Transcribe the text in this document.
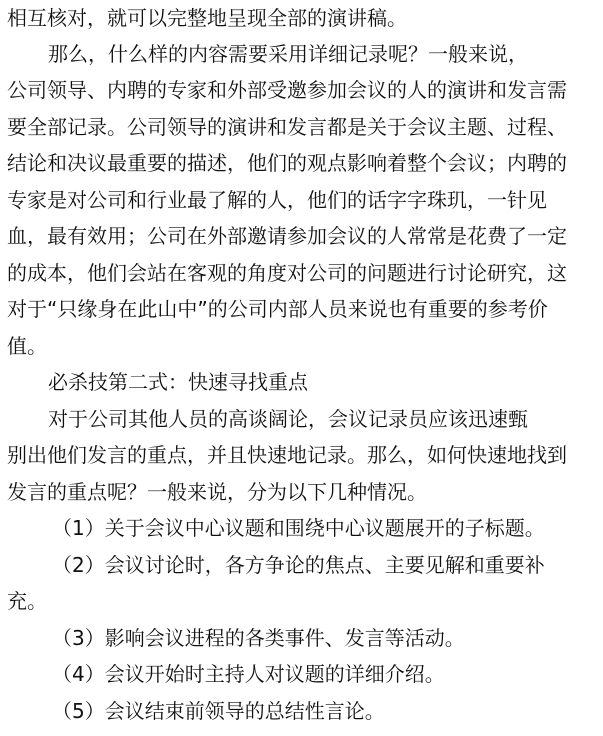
相互核对，就可以完整地呈现全部的演讲稿。
那么，什么样的内容需要采用详细记录呢？一般来说，
公司领导、内聘的专家和外部受邀参加会议的人的演讲和发言需
要全部记录。公司领导的演讲和发言都是关于会议主题、过程、
结论和决议最重要的描述，他们的观点影响着整个会议；内聘的
专家是对公司和行业最了解的人，他们的话字字珠玑，一针见
血，最有效用；公司在外部邀请参加会议的人常常是花费了一定
的成本，他们会站在客观的角度对公司的问题进行讨论研究，这
对于“只缘身在此山中”的公司内部人员来说也有重要的参考价
值。
必杀技第二式：快速寻找重点
对于公司其他人员的高谈阔论，会议记录员应该迅速甄
别出他们发言的重点，并且快速地记录。那么，如何快速地找到
发言的重点呢？一般来说，分为以下几种情况。
（1）关于会议中心议题和围绕中心议题展开的子标题。
（2）会议讨论时，各方争论的焦点、主要见解和重要补
充。
（3）影响会议进程的各类事件、发言等活动。
（4）会议开始时主持人对议题的详细介绍。
（5）会议结束前领导的总结性言论。
